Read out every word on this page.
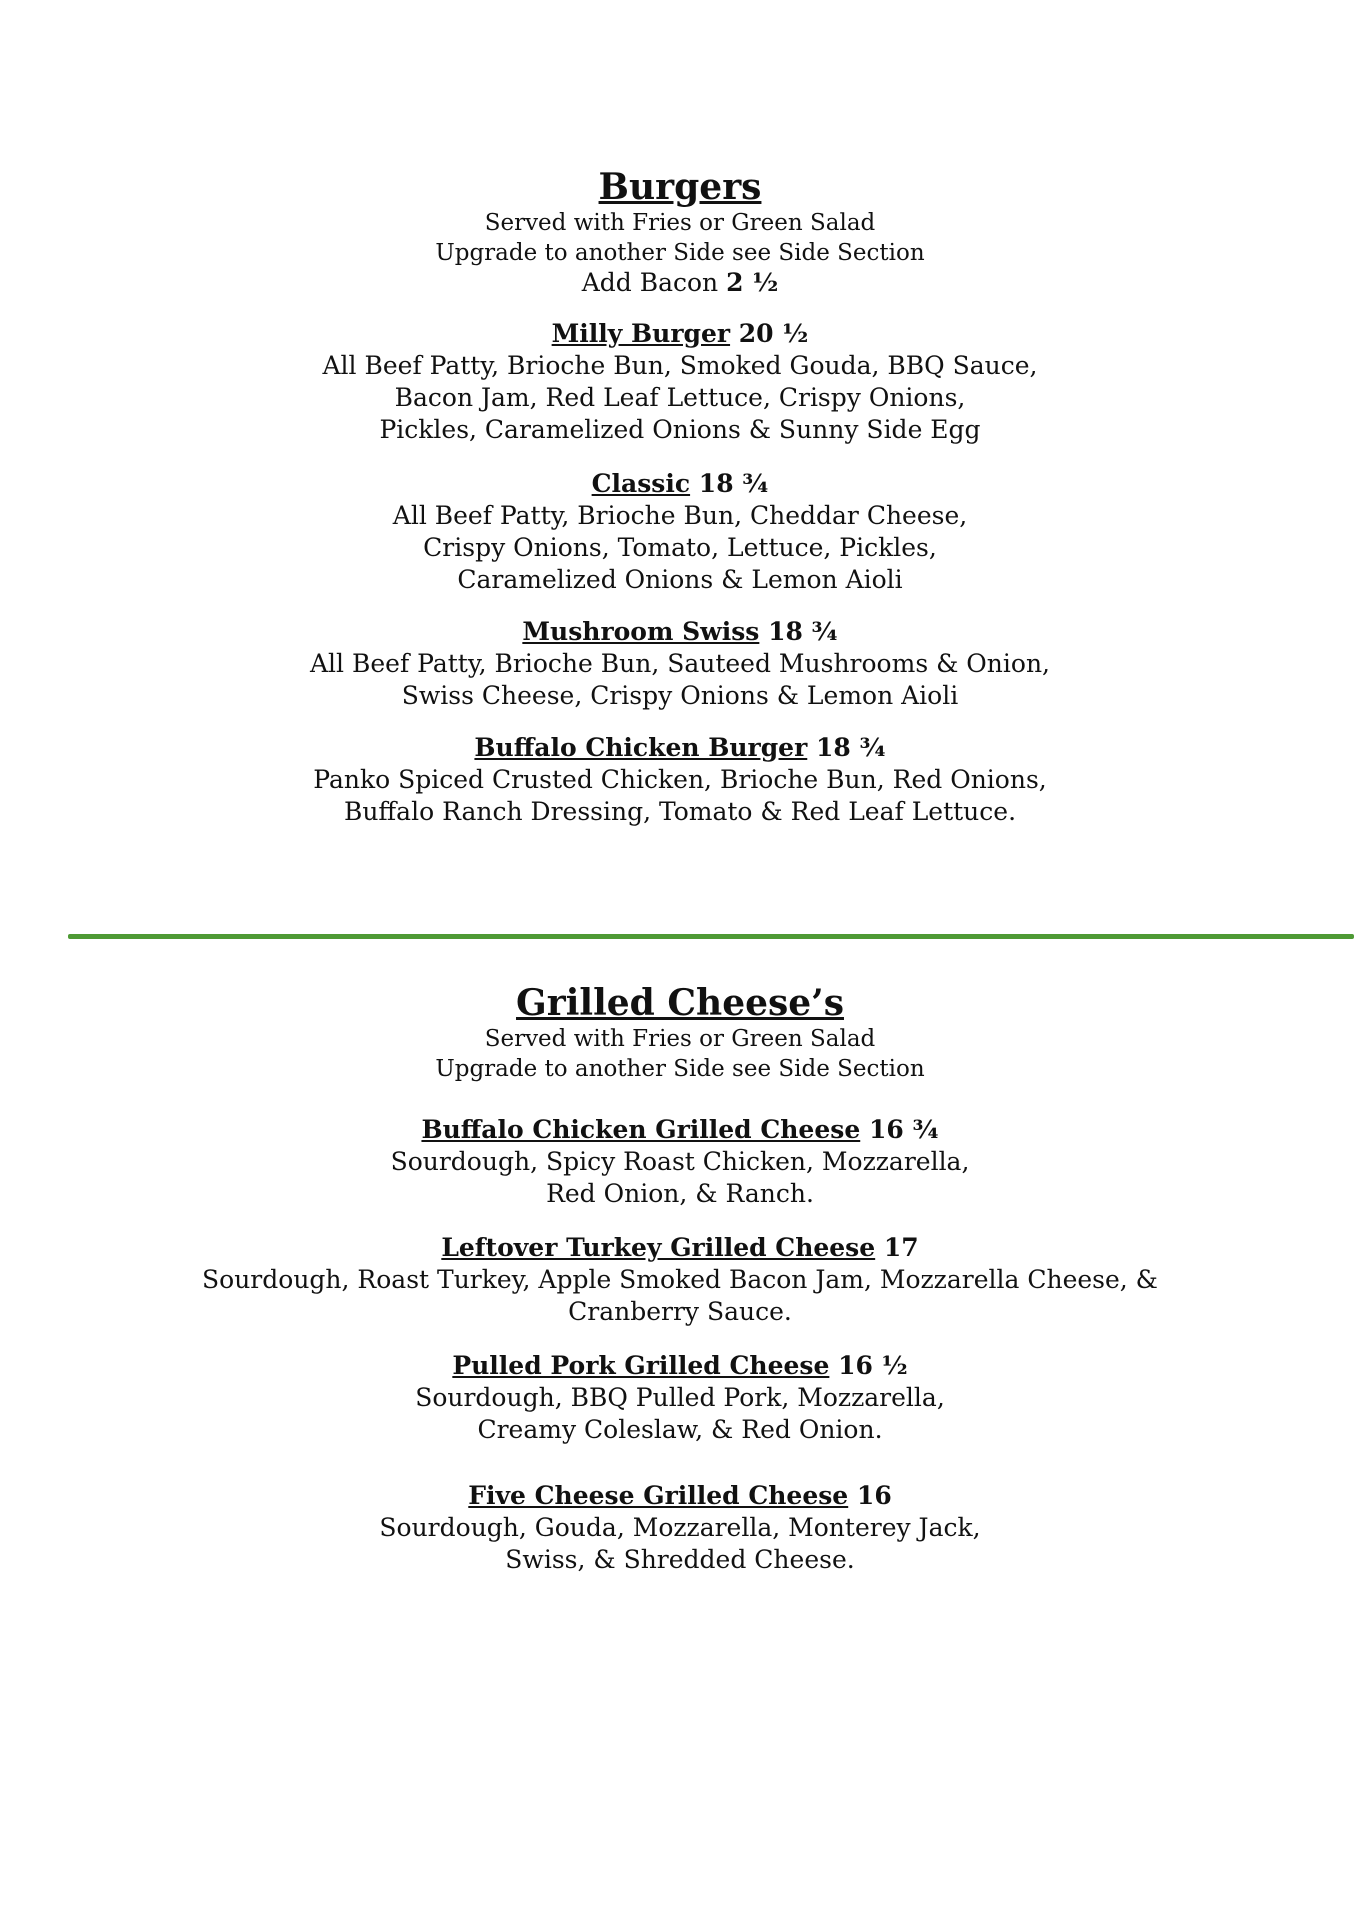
Burgers

Served with Fries or Green Salad

Upgrade to another Side see Side Section

Add Bacon 2 ½

Milly Burger 20 ½

All Beef Patty, Brioche Bun, Smoked Gouda, BBQ Sauce,

Bacon Jam, Red Leaf Lettuce, Crispy Onions,

Pickles, Caramelized Onions & Sunny Side Egg

Classic 18 ¾

All Beef Patty, Brioche Bun, Cheddar Cheese,

Crispy Onions, Tomato, Lettuce, Pickles,

Caramelized Onions & Lemon Aioli

Mushroom Swiss 18 ¾

All Beef Patty, Brioche Bun, Sauteed Mushrooms & Onion,

Swiss Cheese, Crispy Onions & Lemon Aioli

Buffalo Chicken Burger 18 ¾

Panko Spiced Crusted Chicken, Brioche Bun, Red Onions,

Buffalo Ranch Dressing, Tomato & Red Leaf Lettuce.

Grilled Cheese’s

Served with Fries or Green Salad

Upgrade to another Side see Side Section

Buffalo Chicken Grilled Cheese 16 ¾

Sourdough, Spicy Roast Chicken, Mozzarella,

Red Onion, & Ranch.

Leftover Turkey Grilled Cheese 17

Sourdough, Roast Turkey, Apple Smoked Bacon Jam, Mozzarella Cheese, &

Cranberry Sauce.

Pulled Pork Grilled Cheese 16 ½

Sourdough, BBQ Pulled Pork, Mozzarella,

Creamy Coleslaw, & Red Onion.

Five Cheese Grilled Cheese 16

Sourdough, Gouda, Mozzarella, Monterey Jack,

Swiss, & Shredded Cheese.
